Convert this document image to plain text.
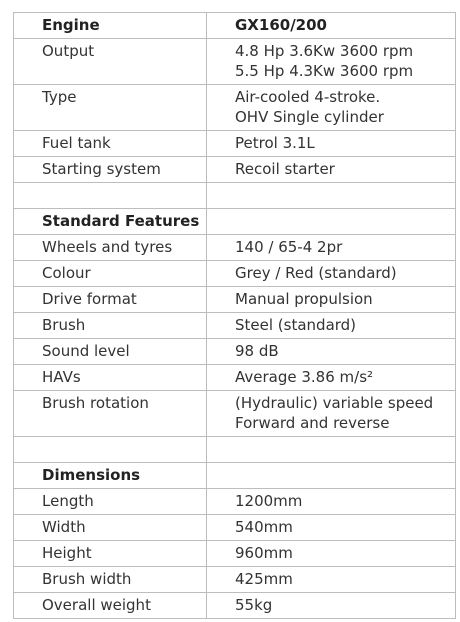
Engine	GX160/200

Output	4.8 Hp 3.6Kw 3600 rpm
5.5 Hp 4.3Kw 3600 rpm

Type	Air-cooled 4-stroke.
OHV Single cylinder

Fuel tank	Petrol 3.1L

Starting system	Recoil starter

Standard Features	
Wheels and tyres	140 / 65-4 2pr

Colour	Grey / Red (standard)

Drive format	Manual propulsion

Brush	Steel (standard)

Sound level	98 dB

HAVs	Average 3.86 m/s²

Brush rotation	(Hydraulic) variable speed
Forward and reverse

Dimensions	
Length	1200mm

Width	540mm

Height	960mm

Brush width	425mm

Overall weight	55kg
